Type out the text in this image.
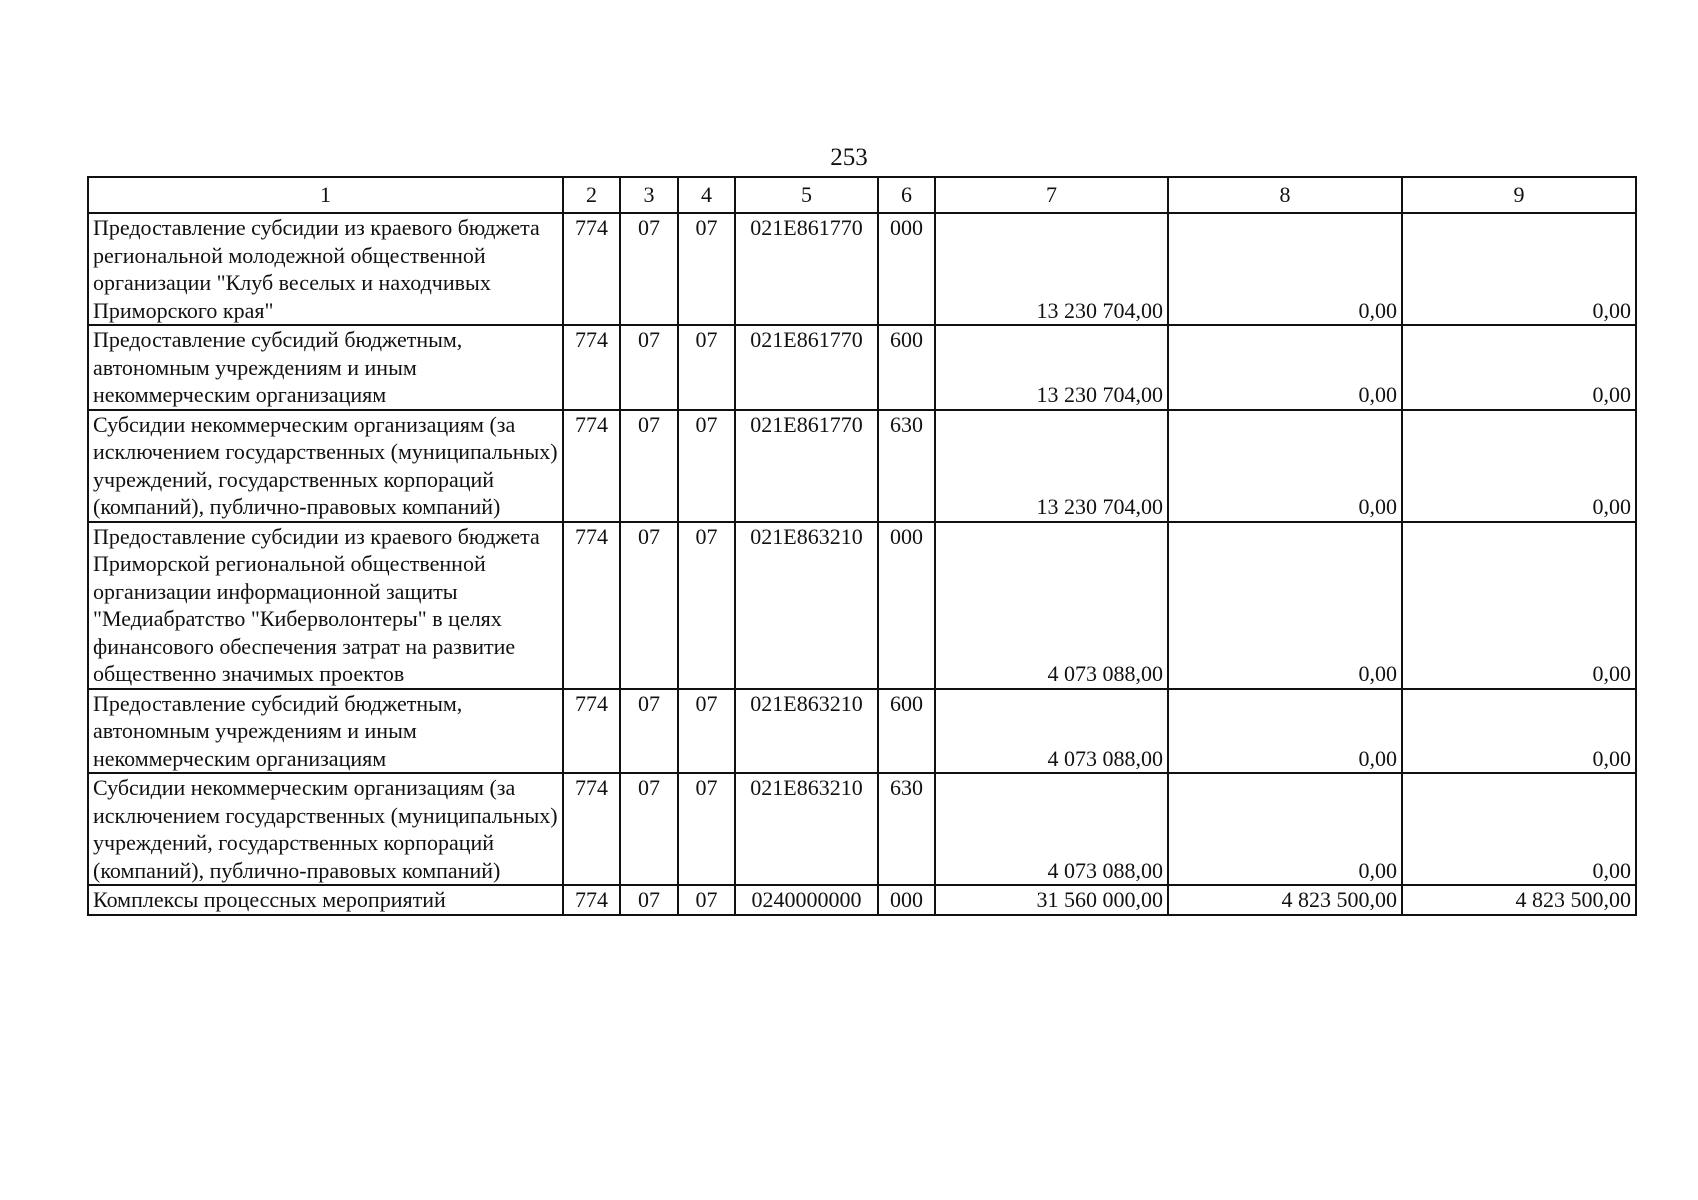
253
1	2	3	4	5	6	7	8	9
Предоставление субсидии из краевого бюджета региональной молодежной общественной организации "Клуб веселых и находчивых Приморского края"	774	07	07	021E861770	000	13 230 704,00	0,00	0,00
Предоставление субсидий бюджетным, автономным учреждениям и иным некоммерческим организациям	774	07	07	021E861770	600	13 230 704,00	0,00	0,00
Субсидии некоммерческим организациям (за исключением государственных (муниципальных) учреждений, государственных корпораций (компаний), публично-правовых компаний)	774	07	07	021E861770	630	13 230 704,00	0,00	0,00
Предоставление субсидии из краевого бюджета Приморской региональной общественной организации информационной защиты "Медиабратство "Киберволонтеры" в целях финансового обеспечения затрат на развитие общественно значимых проектов	774	07	07	021E863210	000	4 073 088,00	0,00	0,00
Предоставление субсидий бюджетным, автономным учреждениям и иным некоммерческим организациям	774	07	07	021E863210	600	4 073 088,00	0,00	0,00
Субсидии некоммерческим организациям (за исключением государственных (муниципальных) учреждений, государственных корпораций (компаний), публично-правовых компаний)	774	07	07	021E863210	630	4 073 088,00	0,00	0,00
Комплексы процессных мероприятий	774	07	07	0240000000	000	31 560 000,00	4 823 500,00	4 823 500,00
